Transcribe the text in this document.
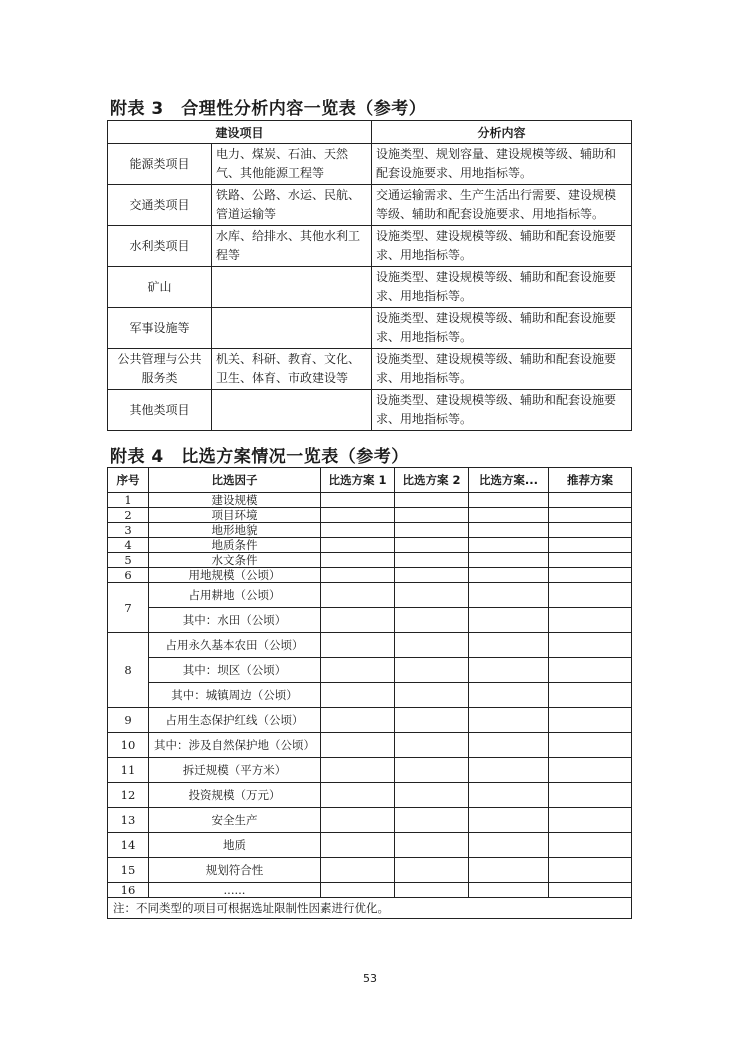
附表 3　合理性分析内容一览表（参考）
建设项目		分析内容
能源类项目	电力、煤炭、石油、天然气、其他能源工程等	设施类型、规划容量、建设规模等级、辅助和配套设施要求、用地指标等。
交通类项目	铁路、公路、水运、民航、管道运输等	交通运输需求、生产生活出行需要、建设规模等级、辅助和配套设施要求、用地指标等。
水利类项目	水库、给排水、其他水利工程等	设施类型、建设规模等级、辅助和配套设施要求、用地指标等。
矿山		设施类型、建设规模等级、辅助和配套设施要求、用地指标等。
军事设施等		设施类型、建设规模等级、辅助和配套设施要求、用地指标等。
公共管理与公共服务类	机关、科研、教育、文化、卫生、体育、市政建设等	设施类型、建设规模等级、辅助和配套设施要求、用地指标等。
其他类项目		设施类型、建设规模等级、辅助和配套设施要求、用地指标等。
附表 4　比选方案情况一览表（参考）
序号	比选因子	比选方案 1	比选方案 2	比选方案...	推荐方案
1	建设规模				
2	项目环境				
3	地形地貌				
4	地质条件				
5	水文条件				
6	用地规模（公顷）				
7	占用耕地（公顷）				
	其中：水田（公顷）				
8	占用永久基本农田（公顷）				
	其中：坝区（公顷）				
	其中：城镇周边（公顷）				
9	占用生态保护红线（公顷）				
10	其中：涉及自然保护地（公顷）				
11	拆迁规模（平方米）				
12	投资规模（万元）				
13	安全生产				
14	地质				
15	规划符合性				
16	......				
注：不同类型的项目可根据选址限制性因素进行优化。					
53
